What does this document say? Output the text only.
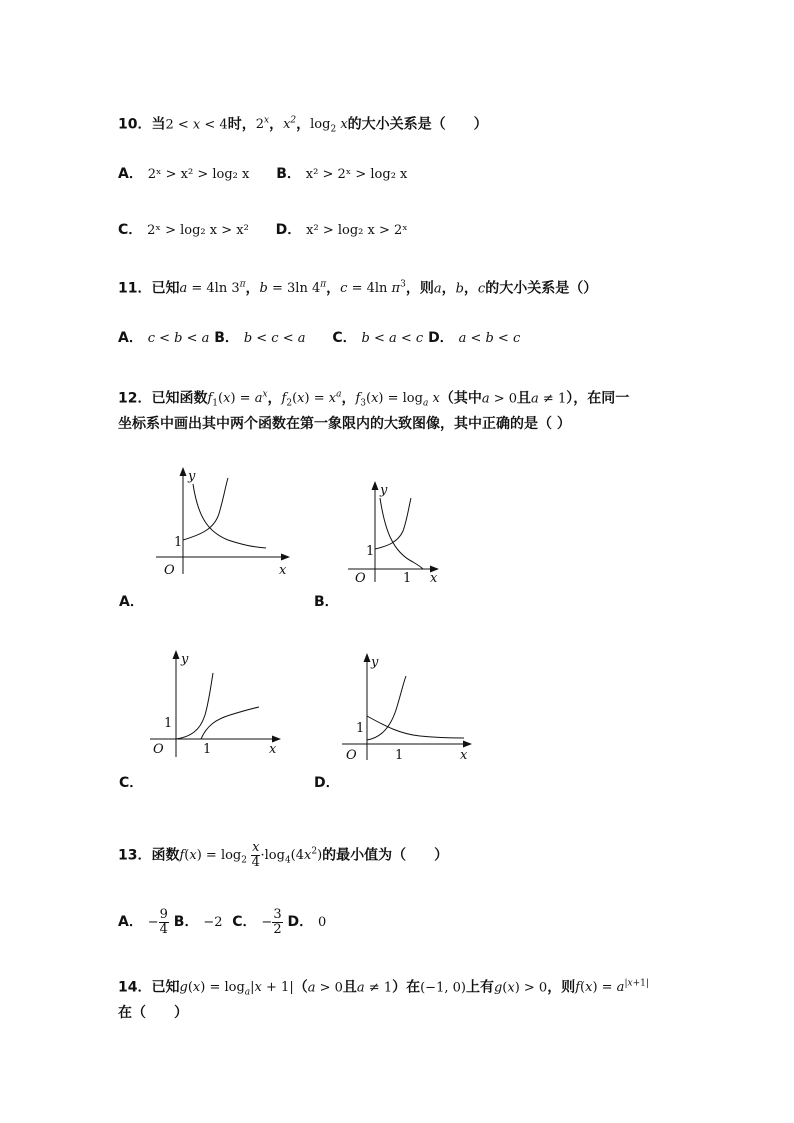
10．当2 < x < 4时，2$^x$，$x^2$，$\log_2 x$的大小关系是（　　）
A． 2ˣ > x² > log₂ x B． x² > 2ˣ > log₂ x
C． 2ˣ > log₂ x > x² D． x² > log₂ x > 2ˣ
11．已知a = 4ln $3^\pi$，b = 3ln $4^\pi$，c = 4ln $\pi^3$，则a，b，c的大小关系是（）
A． c < b < a B． b < c < a C． b < a < c D． a < b < c
12．已知函数$f_1(x) = a^x$，$f_2(x) = x^a$，$f_3(x) = \log_a x$（其中a > 0且a ≠ 1），在同一
坐标系中画出其中两个函数在第一象限内的大致图像，其中正确的是（ ）
y
x
O
1
A．
y
x
O
1
1
B．
y
x
O
1
1
C．
y
x
O
1
1
D．
13．函数$f(x) = \log_2 \frac{x}{4} \cdot\log_4(4x^2)$的最小值为（　　）
A． − $\frac{9}{4}$ B． −2 C． − $\frac{3}{2}$ D． 0
14．已知$g(x) = \log_a|x + 1|(a > 0$且a ≠ 1）在(−1, 0)上有g(x) > 0，则$f(x) = a^{|x+1|}$
在（　　）
